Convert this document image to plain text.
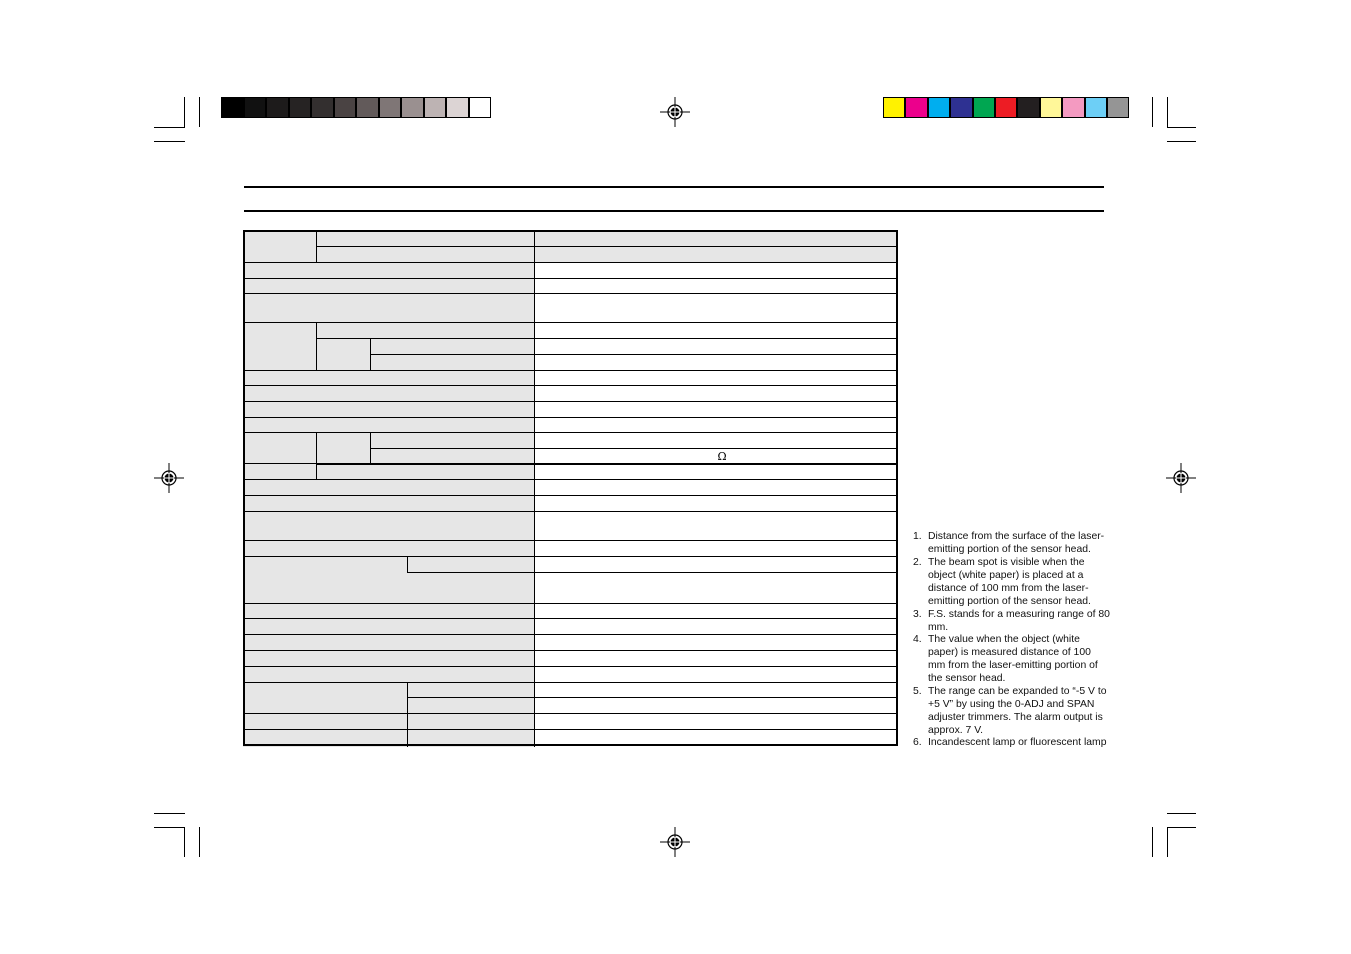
Ω
1. Distance from the surface of the laser-emitting portion of the sensor head.
2. The beam spot is visible when the object (white paper) is placed at a distance of 100 mm from the laser-emitting portion of the sensor head.
3. F.S. stands for a measuring range of 80 mm.
4. The value when the object (white paper) is measured distance of 100 mm from the laser-emitting portion of the sensor head.
5. The range can be expanded to “-5 V to +5 V” by using the 0-ADJ and SPAN adjuster trimmers. The alarm output is approx. 7 V.
6. Incandescent lamp or fluorescent lamp
